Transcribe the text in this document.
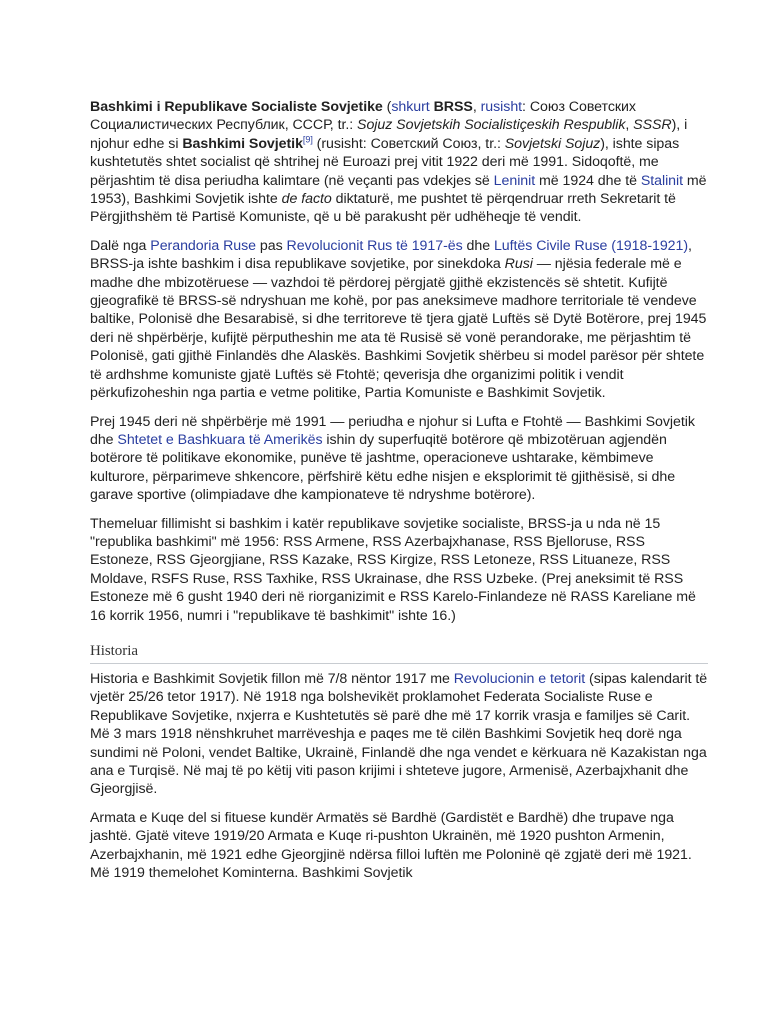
Bashkimi i Republikave Socialiste Sovjetike (shkurt BRSS, rusisht: Союз Советских Социалистических Республик, СССР, tr.: Sojuz Sovjetskih Socialistiçeskih Respublik, SSSR), i njohur edhe si Bashkimi Sovjetik[9] (rusisht: Советский Союз, tr.: Sovjetski Sojuz), ishte sipas kushtetutës shtet socialist që shtrihej në Euroazi prej vitit 1922 deri më 1991. Sidoqoftë, me përjashtim të disa periudha kalimtare (në veçanti pas vdekjes së Leninit më 1924 dhe të Stalinit më 1953), Bashkimi Sovjetik ishte de facto diktaturë, me pushtet të përqendruar rreth Sekretarit të Përgjithshëm të Partisë Komuniste, që u bë parakusht për udhëheqje të vendit.

Dalë nga Perandoria Ruse pas Revolucionit Rus të 1917-ës dhe Luftës Civile Ruse (1918-1921), BRSS-ja ishte bashkim i disa republikave sovjetike, por sinekdoka Rusi — njësia federale më e madhe dhe mbizotëruese — vazhdoi të përdorej përgjatë gjithë ekzistencës së shtetit. Kufijtë gjeografikë të BRSS-së ndryshuan me kohë, por pas aneksimeve madhore territoriale të vendeve baltike, Polonisë dhe Besarabisë, si dhe territoreve të tjera gjatë Luftës së Dytë Botërore, prej 1945 deri në shpërbërje, kufijtë përputheshin me ata të Rusisë së vonë perandorake, me përjashtim të Polonisë, gati gjithë Finlandës dhe Alaskës. Bashkimi Sovjetik shërbeu si model parësor për shtete të ardhshme komuniste gjatë Luftës së Ftohtë; qeverisja dhe organizimi politik i vendit përkufizoheshin nga partia e vetme politike, Partia Komuniste e Bashkimit Sovjetik.

Prej 1945 deri në shpërbërje më 1991 — periudha e njohur si Lufta e Ftohtë — Bashkimi Sovjetik dhe Shtetet e Bashkuara të Amerikës ishin dy superfuqitë botërore që mbizotëruan agjendën botërore të politikave ekonomike, punëve të jashtme, operacioneve ushtarake, këmbimeve kulturore, përparimeve shkencore, përfshirë këtu edhe nisjen e eksplorimit të gjithësisë, si dhe garave sportive (olimpiadave dhe kampionateve të ndryshme botërore).

Themeluar fillimisht si bashkim i katër republikave sovjetike socialiste, BRSS-ja u nda në 15 "republika bashkimi" më 1956: RSS Armene, RSS Azerbajxhanase, RSS Bjelloruse, RSS Estoneze, RSS Gjeorgjiane, RSS Kazake, RSS Kirgize, RSS Letoneze, RSS Lituaneze, RSS Moldave, RSFS Ruse, RSS Taxhike, RSS Ukrainase, dhe RSS Uzbeke. (Prej aneksimit të RSS Estoneze më 6 gusht 1940 deri në riorganizimit e RSS Karelo-Finlandeze në RASS Kareliane më 16 korrik 1956, numri i "republikave të bashkimit" ishte 16.)

Historia

Historia e Bashkimit Sovjetik fillon më 7/8 nëntor 1917 me Revolucionin e tetorit (sipas kalendarit të vjetër 25/26 tetor 1917). Në 1918 nga bolshevikët proklamohet Federata Socialiste Ruse e Republikave Sovjetike, nxjerra e Kushtetutës së parë dhe më 17 korrik vrasja e familjes së Carit. Më 3 mars 1918 nënshkruhet marrëveshja e paqes me të cilën Bashkimi Sovjetik heq dorë nga sundimi në Poloni, vendet Baltike, Ukrainë, Finlandë dhe nga vendet e kërkuara në Kazakistan nga ana e Turqisë. Në maj të po këtij viti pason krijimi i shteteve jugore, Armenisë, Azerbajxhanit dhe Gjeorgjisë.

Armata e Kuqe del si fituese kundër Armatës së Bardhë (Gardistët e Bardhë) dhe trupave nga jashtë. Gjatë viteve 1919/20 Armata e Kuqe ri-pushton Ukrainën, më 1920 pushton Armenin, Azerbajxhanin, më 1921 edhe Gjeorgjinë ndërsa filloi luftën me Poloninë që zgjatë deri më 1921. Më 1919 themelohet Kominterna. Bashkimi Sovjetik
